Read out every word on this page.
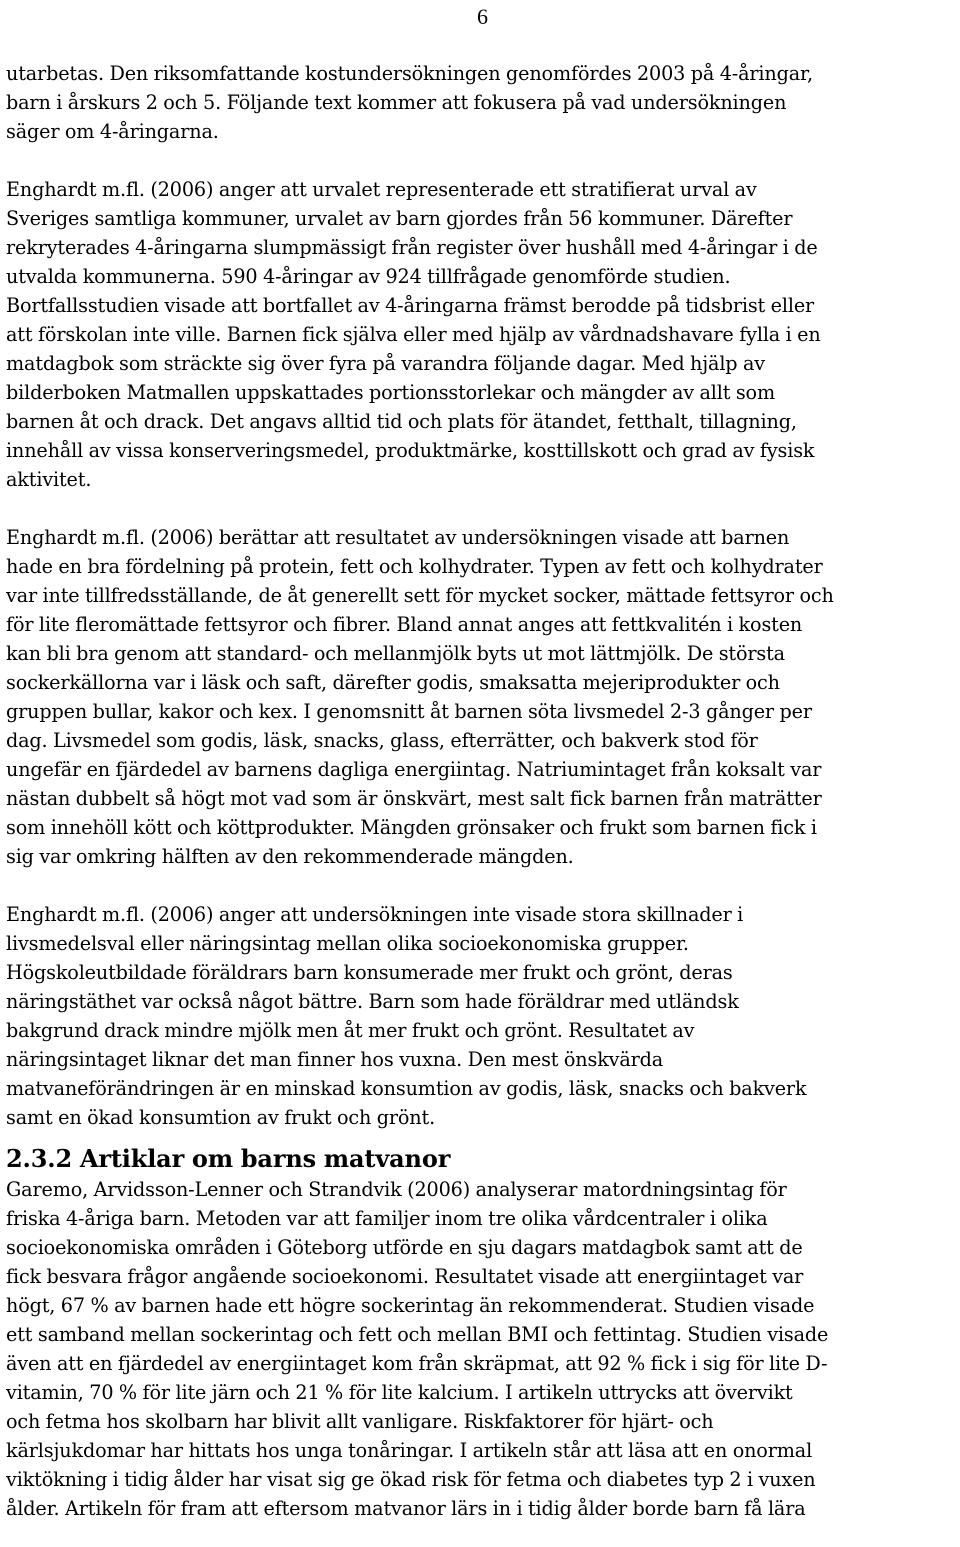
6

utarbetas. Den riksomfattande kostundersökningen genomfördes 2003 på 4-åringar,
barn i årskurs 2 och 5. Följande text kommer att fokusera på vad undersökningen
säger om 4-åringarna.

Enghardt m.fl. (2006) anger att urvalet representerade ett stratifierat urval av
Sveriges samtliga kommuner, urvalet av barn gjordes från 56 kommuner. Därefter
rekryterades 4-åringarna slumpmässigt från register över hushåll med 4-åringar i de
utvalda kommunerna. 590 4-åringar av 924 tillfrågade genomförde studien.
Bortfallsstudien visade att bortfallet av 4-åringarna främst berodde på tidsbrist eller
att förskolan inte ville. Barnen fick själva eller med hjälp av vårdnadshavare fylla i en
matdagbok som sträckte sig över fyra på varandra följande dagar. Med hjälp av
bilderboken Matmallen uppskattades portionsstorlekar och mängder av allt som
barnen åt och drack. Det angavs alltid tid och plats för ätandet, fetthalt, tillagning,
innehåll av vissa konserveringsmedel, produktmärke, kosttillskott och grad av fysisk
aktivitet.

Enghardt m.fl. (2006) berättar att resultatet av undersökningen visade att barnen
hade en bra fördelning på protein, fett och kolhydrater. Typen av fett och kolhydrater
var inte tillfredsställande, de åt generellt sett för mycket socker, mättade fettsyror och
för lite fleromättade fettsyror och fibrer. Bland annat anges att fettkvalitén i kosten
kan bli bra genom att standard- och mellanmjölk byts ut mot lättmjölk. De största
sockerkällorna var i läsk och saft, därefter godis, smaksatta mejeriprodukter och
gruppen bullar, kakor och kex. I genomsnitt åt barnen söta livsmedel 2-3 gånger per
dag. Livsmedel som godis, läsk, snacks, glass, efterrätter, och bakverk stod för
ungefär en fjärdedel av barnens dagliga energiintag. Natriumintaget från koksalt var
nästan dubbelt så högt mot vad som är önskvärt, mest salt fick barnen från maträtter
som innehöll kött och köttprodukter. Mängden grönsaker och frukt som barnen fick i
sig var omkring hälften av den rekommenderade mängden.

Enghardt m.fl. (2006) anger att undersökningen inte visade stora skillnader i
livsmedelsval eller näringsintag mellan olika socioekonomiska grupper.
Högskoleutbildade föräldrars barn konsumerade mer frukt och grönt, deras
näringstäthet var också något bättre. Barn som hade föräldrar med utländsk
bakgrund drack mindre mjölk men åt mer frukt och grönt. Resultatet av
näringsintaget liknar det man finner hos vuxna. Den mest önskvärda
matvaneförändringen är en minskad konsumtion av godis, läsk, snacks och bakverk
samt en ökad konsumtion av frukt och grönt.

2.3.2 Artiklar om barns matvanor

Garemo, Arvidsson-Lenner och Strandvik (2006) analyserar matordningsintag för
friska 4-åriga barn. Metoden var att familjer inom tre olika vårdcentraler i olika
socioekonomiska områden i Göteborg utförde en sju dagars matdagbok samt att de
fick besvara frågor angående socioekonomi. Resultatet visade att energiintaget var
högt, 67 % av barnen hade ett högre sockerintag än rekommenderat. Studien visade
ett samband mellan sockerintag och fett och mellan BMI och fettintag. Studien visade
även att en fjärdedel av energiintaget kom från skräpmat, att 92 % fick i sig för lite D-
vitamin, 70 % för lite järn och 21 % för lite kalcium. I artikeln uttrycks att övervikt
och fetma hos skolbarn har blivit allt vanligare. Riskfaktorer för hjärt- och
kärlsjukdomar har hittats hos unga tonåringar. I artikeln står att läsa att en onormal
viktökning i tidig ålder har visat sig ge ökad risk för fetma och diabetes typ 2 i vuxen
ålder. Artikeln för fram att eftersom matvanor lärs in i tidig ålder borde barn få lära
